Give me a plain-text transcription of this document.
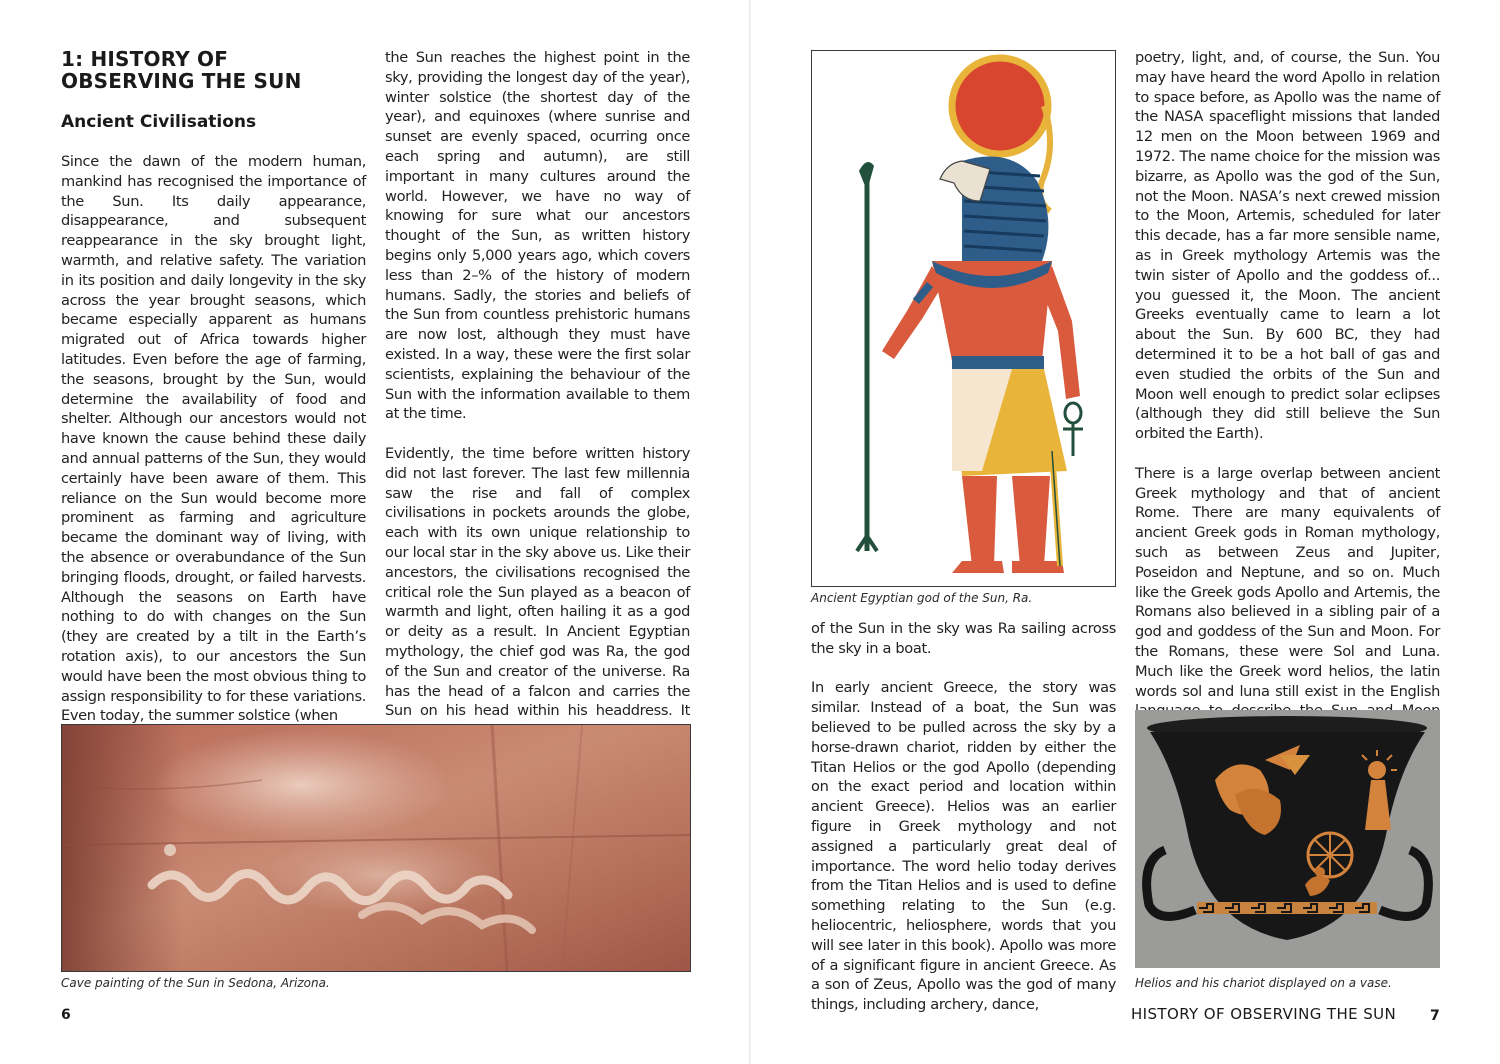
1: HISTORY OF OBSERVING THE SUN
Ancient Civilisations

Since the dawn of the modern human, mankind has recognised the importance of the Sun. Its daily appearance, disappearance, and subsequent reappearance in the sky brought light, warmth, and relative safety. The variation in its position and daily longevity in the sky across the year brought seasons, which became especially apparent as humans migrated out of Africa towards higher latitudes. Even before the age of farming, the seasons, brought by the Sun, would determine the availability of food and shelter. Although our ancestors would not have known the cause behind these daily and annual patterns of the Sun, they would certainly have been aware of them. This reliance on the Sun would become more prominent as farming and agriculture became the dominant way of living, with the absence or overabundance of the Sun bringing floods, drought, or failed harvests. Although the seasons on Earth have nothing to do with changes on the Sun (they are created by a tilt in the Earth’s rotation axis), to our ancestors the Sun would have been the most obvious thing to assign responsibility to for these variations. Even today, the summer solstice (when

the Sun reaches the highest point in the sky, providing the longest day of the year), winter solstice (the shortest day of the year), and equinoxes (where sunrise and sunset are evenly spaced, ocurring once each spring and autumn), are still important in many cultures around the world. However, we have no way of knowing for sure what our ancestors thought of the Sun, as written history begins only 5,000 years ago, which covers less than 2–% of the history of modern humans. Sadly, the stories and beliefs of the Sun from countless prehistoric humans are now lost, although they must have existed. In a way, these were the first solar scientists, explaining the behaviour of the Sun with the information available to them at the time.

Evidently, the time before written history did not last forever. The last few millennia saw the rise and fall of complex civilisations in pockets arounds the globe, each with its own unique relationship to our local star in the sky above us. Like their ancestors, the civilisations recognised the critical role the Sun played as a beacon of warmth and light, often hailing it as a god or deity as a result. In Ancient Egyptian mythology, the chief god was Ra, the god of the Sun and creator of the universe. Ra has the head of a falcon and carries the Sun on his head within his headdress. It

Cave painting of the Sun in Sedona, Arizona.
6
Ancient Egyptian god of the Sun, Ra.

of the Sun in the sky was Ra sailing across the sky in a boat.

In early ancient Greece, the story was similar. Instead of a boat, the Sun was believed to be pulled across the sky by a horse-drawn chariot, ridden by either the Titan Helios or the god Apollo (depending on the exact period and location within ancient Greece). Helios was an earlier figure in Greek mythology and not assigned a particularly great deal of importance. The word helio today derives from the Titan Helios and is used to define something relating to the Sun (e.g. heliocentric, heliosphere, words that you will see later in this book). Apollo was more of a significant figure in ancient Greece. As a son of Zeus, Apollo was the god of many things, including archery, dance,

poetry, light, and, of course, the Sun. You may have heard the word Apollo in relation to space before, as Apollo was the name of the NASA spaceflight missions that landed 12 men on the Moon between 1969 and 1972. The name choice for the mission was bizarre, as Apollo was the god of the Sun, not the Moon. NASA’s next crewed mission to the Moon, Artemis, scheduled for later this decade, has a far more sensible name, as in Greek mythology Artemis was the twin sister of Apollo and the goddess of... you guessed it, the Moon. The ancient Greeks eventually came to learn a lot about the Sun. By 600 BC, they had determined it to be a hot ball of gas and even studied the orbits of the Sun and Moon well enough to predict solar eclipses (although they did still believe the Sun orbited the Earth).

There is a large overlap between ancient Greek mythology and that of ancient Rome. There are many equivalents of ancient Greek gods in Roman mythology, such as between Zeus and Jupiter, Poseidon and Neptune, and so on. Much like the Greek gods Apollo and Artemis, the Romans also believed in a sibling pair of a god and goddess of the Sun and Moon. For the Romans, these were Sol and Luna. Much like the Greek word helios, the latin words sol and luna still exist in the English

Helios and his chariot displayed on a vase.
HISTORY OF OBSERVING THE SUN 7
